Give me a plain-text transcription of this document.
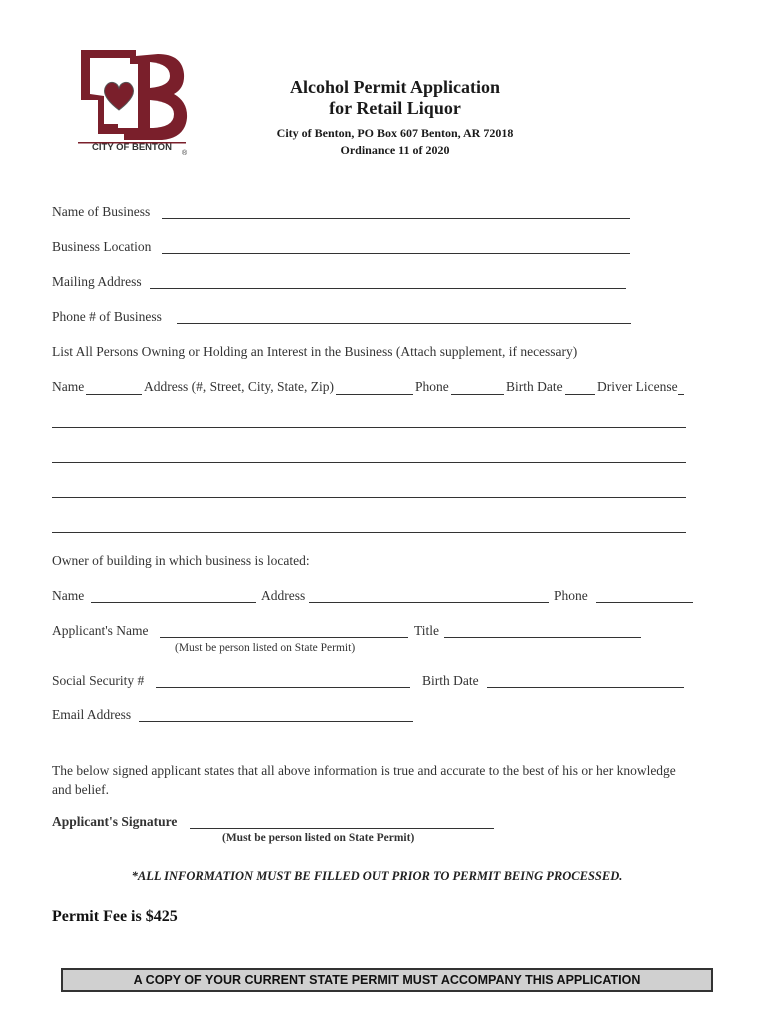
CITY OF BENTON
®
Alcohol Permit Application
for Retail Liquor
City of Benton, PO Box 607 Benton, AR 72018
Ordinance 11 of 2020
Name of Business
Business Location
Mailing Address
Phone # of Business
List All Persons Owning or Holding an Interest in the Business (Attach supplement, if necessary)
Name	Address (#, Street, City, State, Zip)	Phone	Birth Date	Driver License
Owner of building in which business is located:
Name	Address	Phone
Applicant's Name	Title
(Must be person listed on State Permit)
Social Security #	Birth Date
Email Address
The below signed applicant states that all above information is true and accurate to the best of his or her knowledge and belief.
Applicant's Signature
(Must be person listed on State Permit)
*ALL INFORMATION MUST BE FILLED OUT PRIOR TO PERMIT BEING PROCESSED.
Permit Fee is $425
A COPY OF YOUR CURRENT STATE PERMIT MUST ACCOMPANY THIS APPLICATION
